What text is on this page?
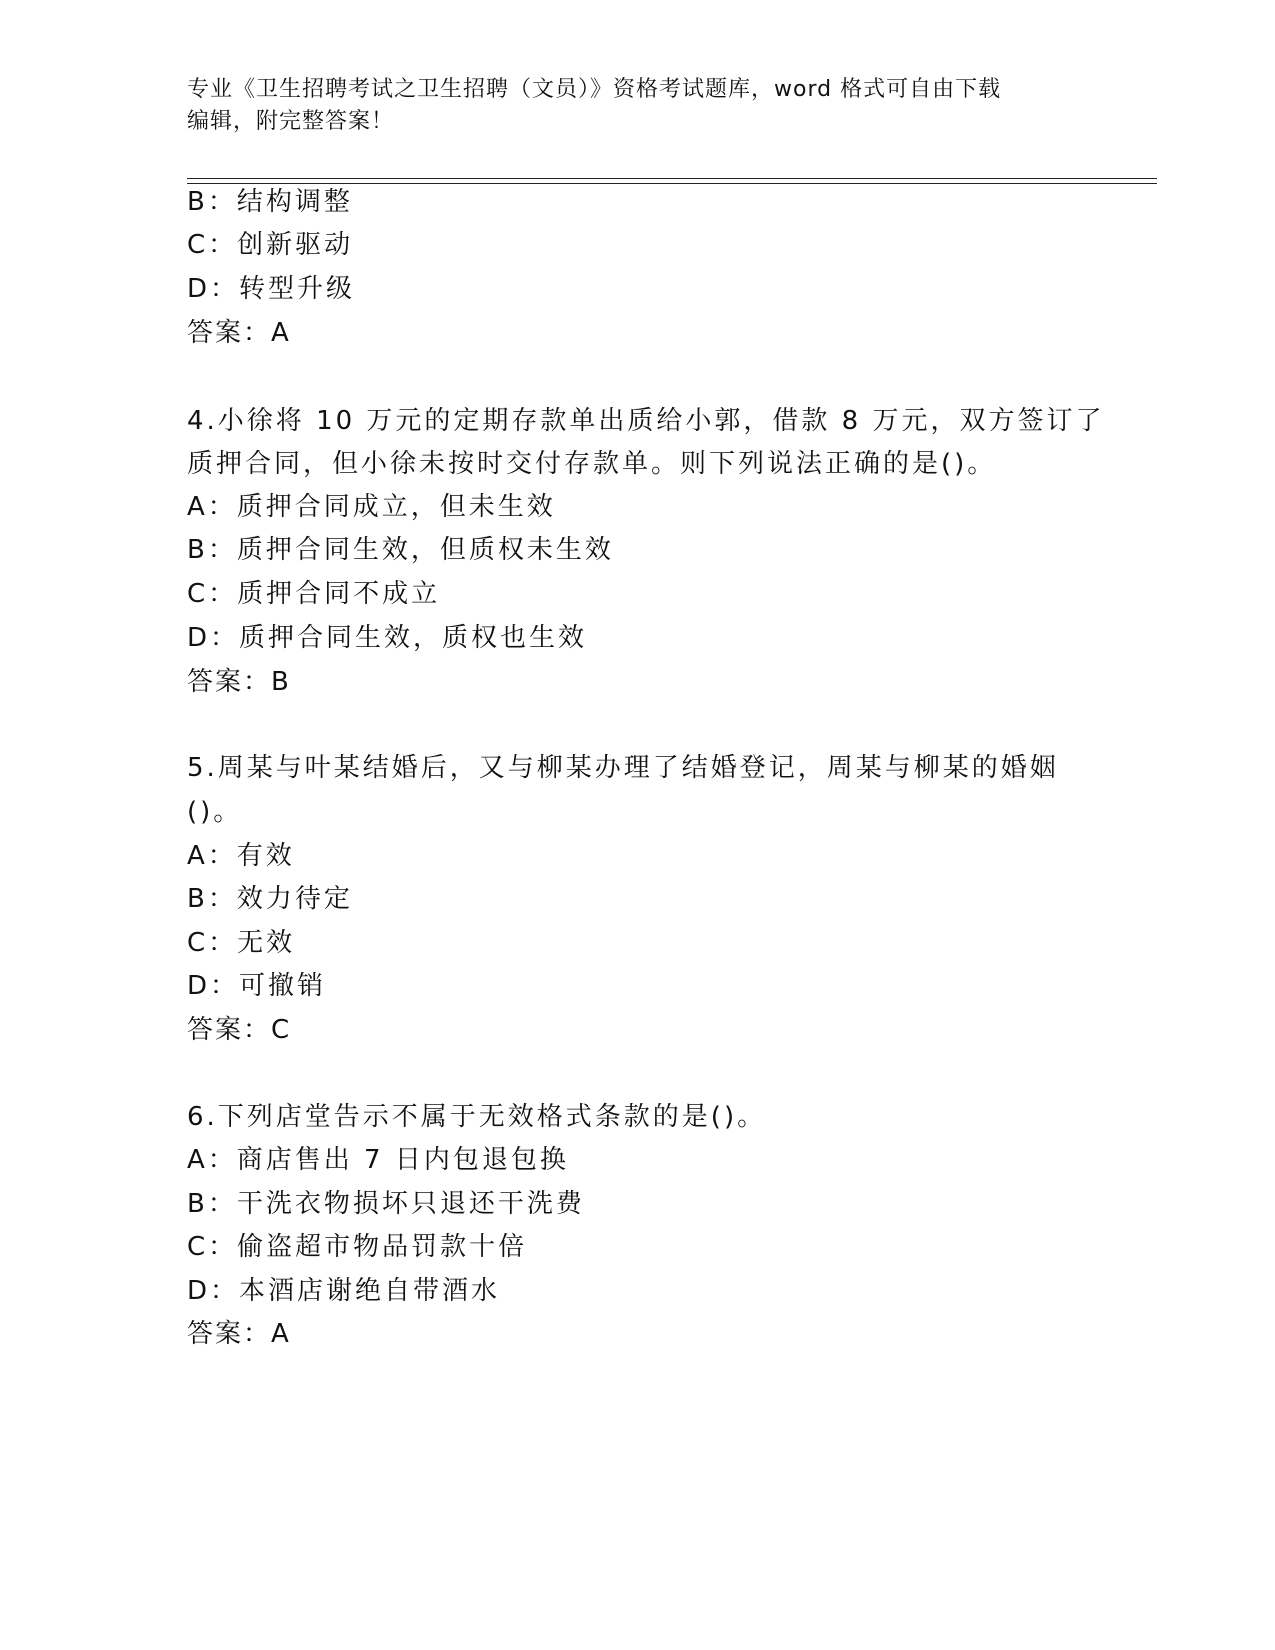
专业《卫生招聘考试之卫生招聘（文员）》资格考试题库，word 格式可自由下载
编辑，附完整答案！
B：结构调整
C：创新驱动
D：转型升级
答案：A
4.小徐将 10 万元的定期存款单出质给小郭，借款 8 万元，双方签订了
质押合同，但小徐未按时交付存款单。则下列说法正确的是()。
A：质押合同成立，但未生效
B：质押合同生效，但质权未生效
C：质押合同不成立
D：质押合同生效，质权也生效
答案：B
5.周某与叶某结婚后，又与柳某办理了结婚登记，周某与柳某的婚姻
()。
A：有效
B：效力待定
C：无效
D：可撤销
答案：C
6.下列店堂告示不属于无效格式条款的是()。
A：商店售出 7 日内包退包换
B：干洗衣物损坏只退还干洗费
C：偷盗超市物品罚款十倍
D：本酒店谢绝自带酒水
答案：A
